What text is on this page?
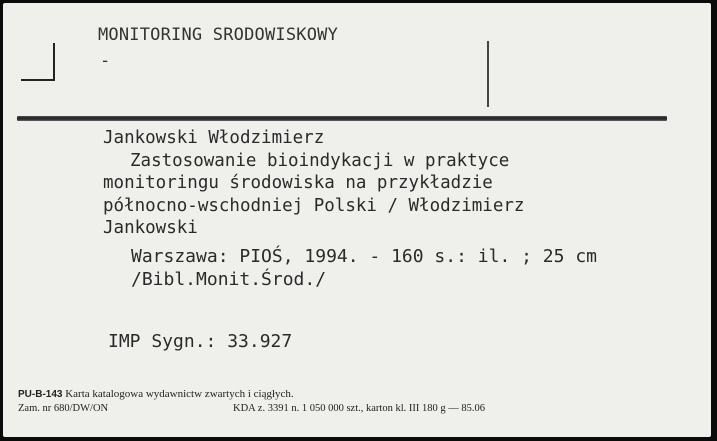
MONITORING SRODOWISKOWY

-

Jankowski Włodzimierz

Zastosowanie bioindykacji w praktyce

monitoringu środowiska na przykładzie

północno-wschodniej Polski / Włodzimierz

Jankowski

Warszawa: PIOŚ, 1994. - 160 s.: il. ; 25 cm

/Bibl.Monit.Środ./

IMP Sygn.: 33.927

PU-B-143 Karta katalogowa wydawnictw zwartych i ciągłych.

Zam. nr 680/DW/ON	KDA z. 3391 n. 1 050 000 szt., karton kl. III 180 g — 85.06
